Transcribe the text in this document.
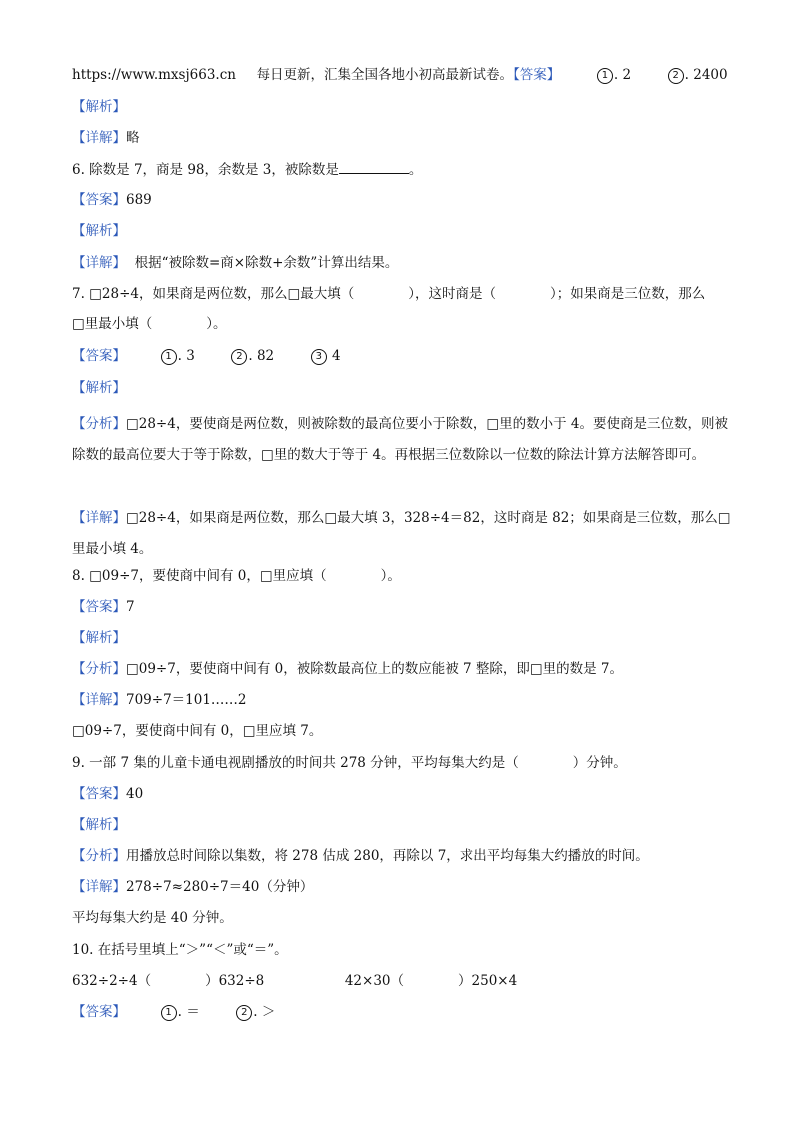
https://www.mxsj663.cn 每日更新，汇集全国各地小初高最新试卷。【答案】	1 . 2	2 . 2400
【解析】
【详解】略
6. 除数是 7，商是 98，余数是 3，被除数是	。
【答案】689
【解析】
【详解】  根据“被除数=商×除数+余数”计算出结果。
7. □28÷4，如果商是两位数，那么□最大填（　　　　），这时商是（　　　　）；如果商是三位数，那么
□里最小填（　　　　）。
【答案】	1 . 3	2 . 82	3 4
【解析】
【分析】□28÷4，要使商是两位数，则被除数的最高位要小于除数，□里的数小于 4。要使商是三位数，则被除数的最高位要大于等于除数，□里的数大于等于 4。再根据三位数除以一位数的除法计算方法解答即可。
【详解】□28÷4，如果商是两位数，那么□最大填 3，328÷4＝82，这时商是 82；如果商是三位数，那么□里最小填 4。
8. □09÷7，要使商中间有 0，□里应填（　　　　）。
【答案】7
【解析】
【分析】□09÷7，要使商中间有 0，被除数最高位上的数应能被 7 整除，即□里的数是 7。
【详解】709÷7＝101……2
□09÷7，要使商中间有 0，□里应填 7。
9. 一部 7 集的儿童卡通电视剧播放的时间共 278 分钟，平均每集大约是（　　　　）分钟。
【答案】40
【解析】
【分析】用播放总时间除以集数，将 278 估成 280，再除以 7，求出平均每集大约播放的时间。
【详解】278÷7≈280÷7＝40（分钟）
平均每集大约是 40 分钟。
10. 在括号里填上“＞”“＜”或“＝”。
632÷2÷4（　　　　）632÷8	42×30（　　　　）250×4
【答案】	1 . ＝	2 . ＞
